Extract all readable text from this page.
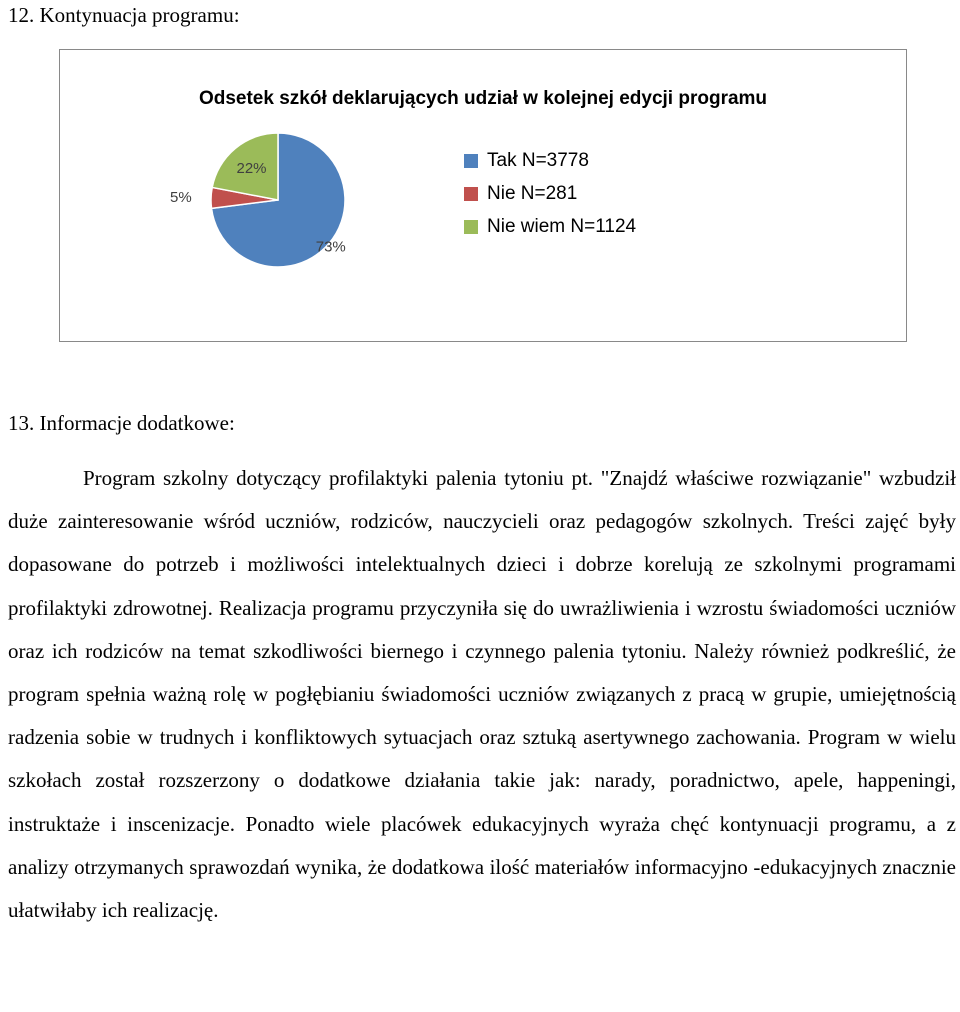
12. Kontynuacja programu:
Odsetek szkół deklarujących udział w kolejnej edycji programu
73%
5%
22%	Tak N=3778
Nie N=281
Nie wiem N=1124
13. Informacje dodatkowe:
Program szkolny dotyczący profilaktyki palenia tytoniu pt. "Znajdź właściwe rozwiązanie" wzbudził duże zainteresowanie wśród uczniów, rodziców, nauczycieli oraz pedagogów szkolnych. Treści zajęć były dopasowane do potrzeb i możliwości intelektualnych dzieci i dobrze korelują ze szkolnymi programami profilaktyki zdrowotnej. Realizacja programu przyczyniła się do uwrażliwienia i wzrostu świadomości uczniów oraz ich rodziców na temat szkodliwości biernego i czynnego palenia tytoniu. Należy również podkreślić, że program spełnia ważną rolę w pogłębianiu świadomości uczniów związanych z pracą w grupie, umiejętnością radzenia sobie w trudnych i konfliktowych sytuacjach oraz sztuką asertywnego zachowania. Program w wielu szkołach został rozszerzony o dodatkowe działania takie jak: narady, poradnictwo, apele, happeningi, instruktaże i inscenizacje. Ponadto wiele placówek edukacyjnych wyraża chęć kontynuacji programu, a z analizy otrzymanych sprawozdań wynika, że dodatkowa ilość materiałów informacyjno -edukacyjnych znacznie ułatwiłaby ich realizację.
